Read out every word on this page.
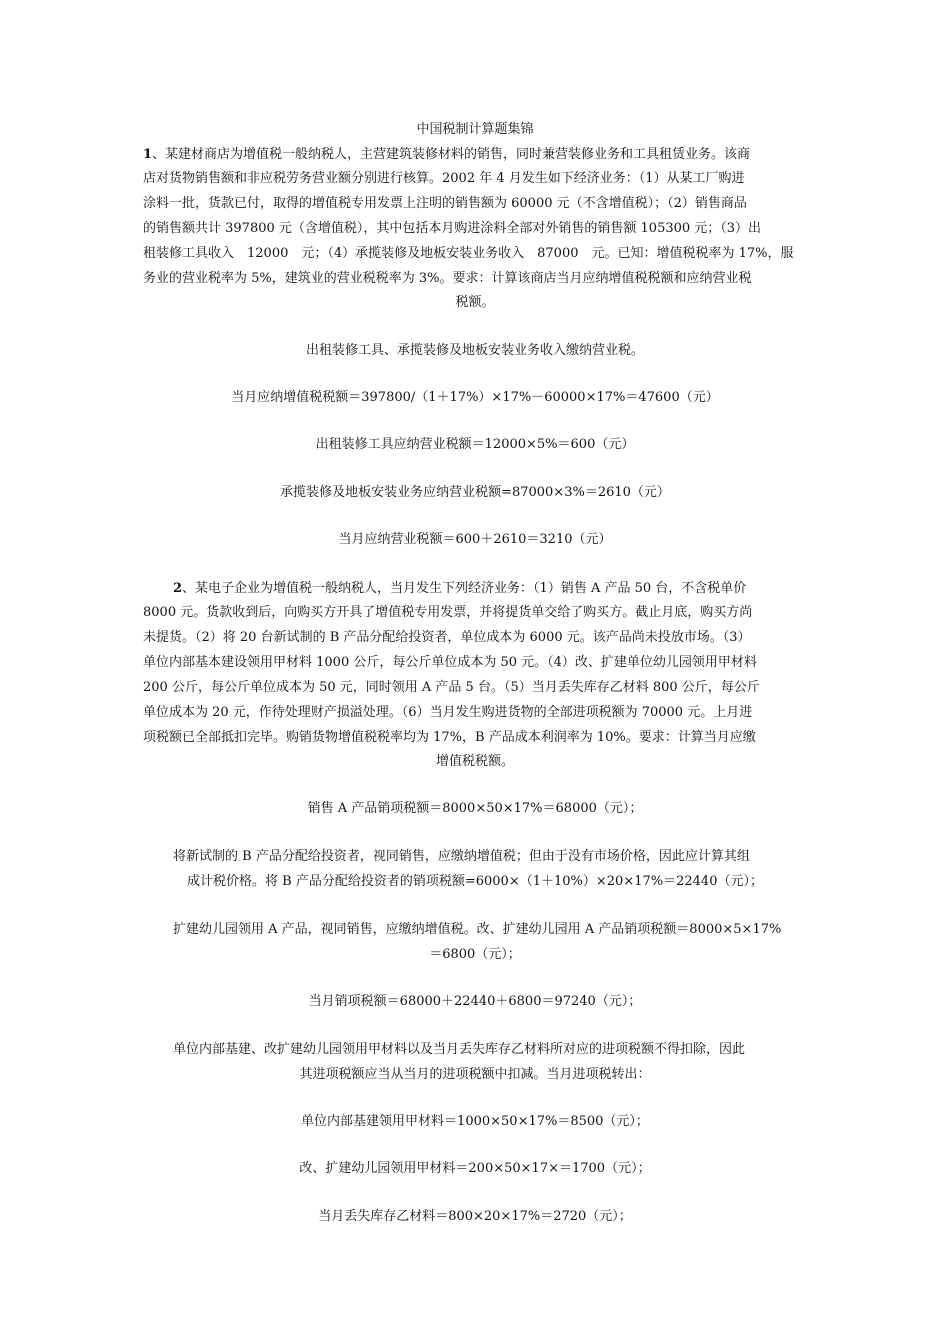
中国税制计算题集锦
1、某建材商店为增值税一般纳税人，主营建筑装修材料的销售，同时兼营装修业务和工具租赁业务。该商
店对货物销售额和非应税劳务营业额分别进行核算。2002 年 4 月发生如下经济业务：（1）从某工厂购进
涂料一批，货款已付，取得的增值税专用发票上注明的销售额为 60000 元（不含增值税）；（2）销售商品
的销售额共计 397800 元（含增值税），其中包括本月购进涂料全部对外销售的销售额 105300 元；（3）出
租装修工具收入　12000　元；（4）承揽装修及地板安装业务收入　87000　元。已知：增值税税率为 17%，服
务业的营业税率为 5%，建筑业的营业税税率为 3%。要求：计算该商店当月应纳增值税税额和应纳营业税
税额。
出租装修工具、承揽装修及地板安装业务收入缴纳营业税。
当月应纳增值税税额＝397800/（1＋17%）×17%－60000×17%＝47600（元）
出租装修工具应纳营业税额＝12000×5%＝600（元）
承揽装修及地板安装业务应纳营业税额=87000×3%＝2610（元）
当月应纳营业税额＝600＋2610＝3210（元）
2、某电子企业为增值税一般纳税人，当月发生下列经济业务：（1）销售 A 产品 50 台，不含税单价
8000 元。货款收到后，向购买方开具了增值税专用发票，并将提货单交给了购买方。截止月底，购买方尚
未提货。（2）将 20 台新试制的 B 产品分配给投资者，单位成本为 6000 元。该产品尚未投放市场。（3）
单位内部基本建设领用甲材料 1000 公斤，每公斤单位成本为 50 元。（4）改、扩建单位幼儿园领用甲材料
200 公斤，每公斤单位成本为 50 元，同时领用 A 产品 5 台。（5）当月丢失库存乙材料 800 公斤，每公斤
单位成本为 20 元，作待处理财产损溢处理。（6）当月发生购进货物的全部进项税额为 70000 元。上月进
项税额已全部抵扣完毕。购销货物增值税税率均为 17%，B 产品成本利润率为 10%。要求：计算当月应缴
增值税税额。
销售 A 产品销项税额＝8000×50×17%＝68000（元）；
将新试制的 B 产品分配给投资者，视同销售，应缴纳增值税；但由于没有市场价格，因此应计算其组
成计税价格。将 B 产品分配给投资者的销项税额=6000×（1＋10%）×20×17%＝22440（元）；
扩建幼儿园领用 A 产品，视同销售，应缴纳增值税。改、扩建幼儿园用 A 产品销项税额＝8000×5×17%
＝6800（元）；
当月销项税额＝68000＋22440＋6800＝97240（元）；
单位内部基建、改扩建幼儿园领用甲材料以及当月丢失库存乙材料所对应的进项税额不得扣除，因此
其进项税额应当从当月的进项税额中扣减。当月进项税转出：
单位内部基建领用甲材料＝1000×50×17%＝8500（元）；
改、扩建幼儿园领用甲材料＝200×50×17×＝1700（元）；
当月丢失库存乙材料＝800×20×17%＝2720（元）；
